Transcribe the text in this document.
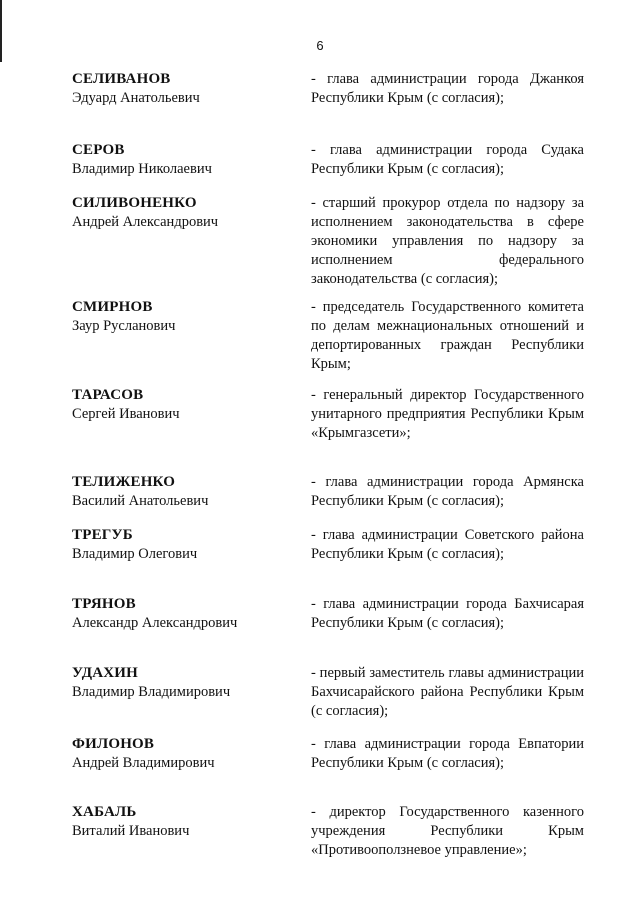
6
СЕЛИВАНОВ
Эдуард Анатольевич
- глава администрации города Джанкоя Республики Крым (с согласия);
СЕРОВ
Владимир Николаевич
- глава администрации города Судака Республики Крым (с согласия);
СИЛИВОНЕНКО
Андрей Александрович
- старший прокурор отдела по надзору за исполнением законодательства в сфере экономики управления по надзору за исполнением федерального законодательства (с согласия);
СМИРНОВ
Заур Русланович
- председатель Государственного комитета по делам межнациональных отношений и депортированных граждан Республики Крым;
ТАРАСОВ
Сергей Иванович
- генеральный директор Государственного унитарного предприятия Республики Крым «Крымгазсети»;
ТЕЛИЖЕНКО
Василий Анатольевич
- глава администрации города Армянска Республики Крым (с согласия);
ТРЕГУБ
Владимир Олегович
- глава администрации Советского района Республики Крым (с согласия);
ТРЯНОВ
Александр Александрович
- глава администрации города Бахчисарая Республики Крым (с согласия);
УДАХИН
Владимир Владимирович
- первый заместитель главы администрации Бахчисарайского района Республики Крым (с согласия);
ФИЛОНОВ
Андрей Владимирович
- глава администрации города Евпатории Республики Крым (с согласия);
ХАБАЛЬ
Виталий Иванович
- директор Государственного казенного учреждения Республики Крым «Противооползневое управление»;
